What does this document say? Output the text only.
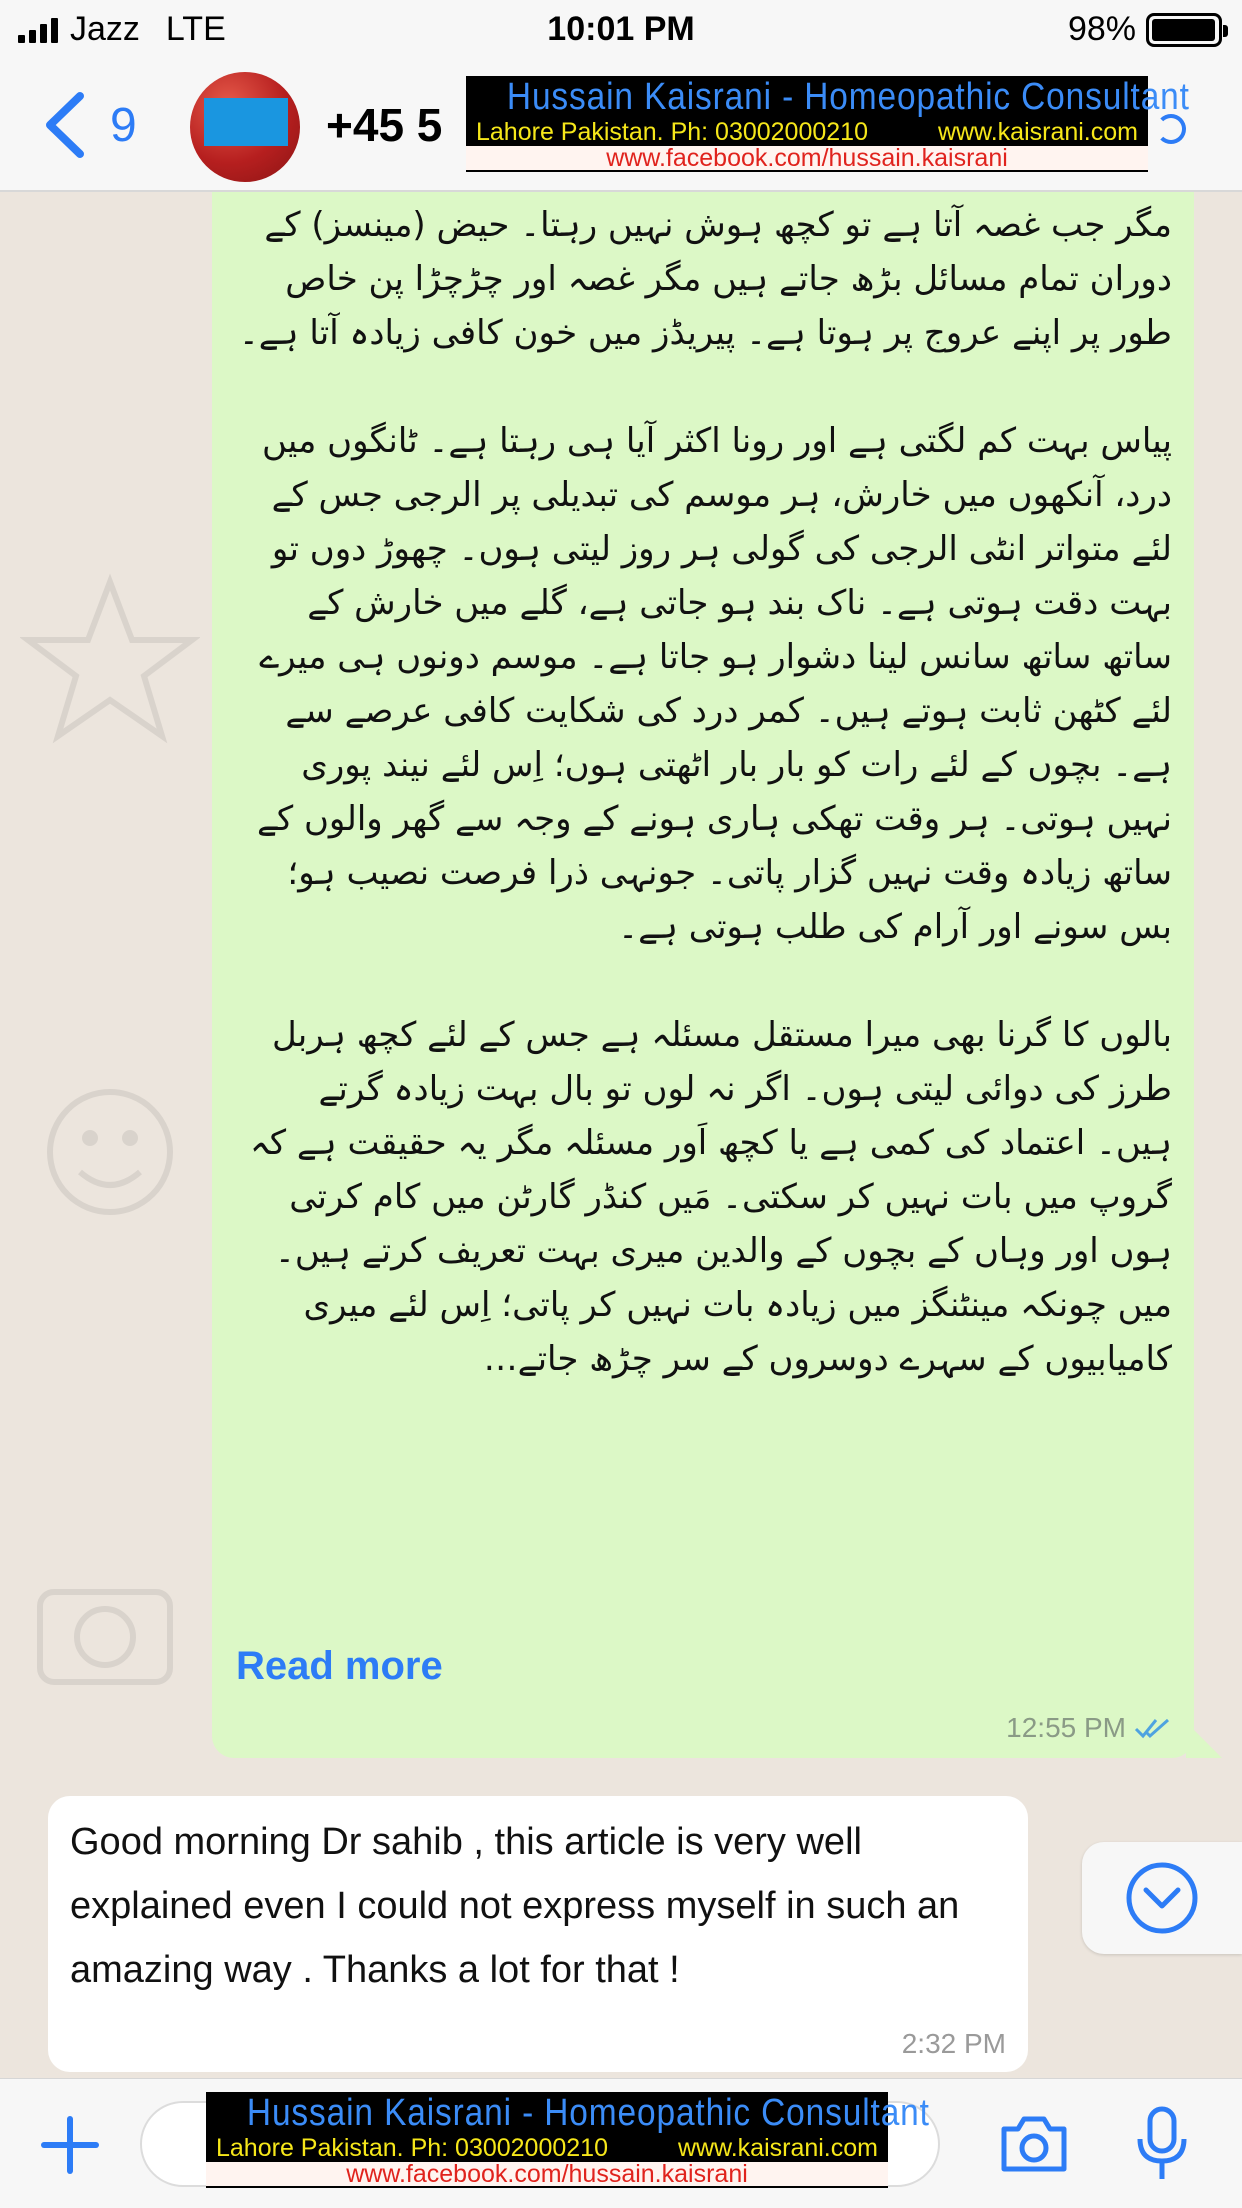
Jazz LTE	10:01 PM	98%
9	+45 5
Hussain Kaisrani - Homeopathic Consultant
Lahore Pakistan. Ph: 03002000210	www.kaisrani.com
www.facebook.com/hussain.kaisrani

مگر جب غصہ آتا ہے تو کچھ ہوش نہیں رہتا۔ حیض (مینسز) کے دوران تمام مسائل بڑھ جاتے ہیں مگر غصہ اور چڑچڑا پن خاص طور پر اپنے عروج پر ہوتا ہے۔ پیریڈز میں خون کافی زیادہ آتا ہے۔

پیاس بہت کم لگتی ہے اور رونا اکثر آیا ہی رہتا ہے۔ ٹانگوں میں درد، آنکھوں میں خارش، ہر موسم کی تبدیلی پر الرجی جس کے لئے متواتر انٹی الرجی کی گولی ہر روز لیتی ہوں۔ چھوڑ دوں تو بہت دقت ہوتی ہے۔ ناک بند ہو جاتی ہے، گلے میں خارش کے ساتھ ساتھ سانس لینا دشوار ہو جاتا ہے۔ موسم دونوں ہی میرے لئے کٹھن ثابت ہوتے ہیں۔ کمر درد کی شکایت کافی عرصے سے ہے۔ بچوں کے لئے رات کو بار بار اٹھتی ہوں؛ اِس لئے نیند پوری نہیں ہوتی۔ ہر وقت تھکی ہاری ہونے کے وجہ سے گھر والوں کے ساتھ زیادہ وقت نہیں گزار پاتی۔ جونہی ذرا فرصت نصیب ہو؛ بس سونے اور آرام کی طلب ہوتی ہے۔

بالوں کا گرنا بھی میرا مستقل مسئلہ ہے جس کے لئے کچھ ہربل طرز کی دوائی لیتی ہوں۔ اگر نہ لوں تو بال بہت زیادہ گرتے ہیں۔ اعتماد کی کمی ہے یا کچھ اَور مسئلہ مگر یہ حقیقت ہے کہ گروپ میں بات نہیں کر سکتی۔ مَیں کنڈر گارٹن میں کام کرتی ہوں اور وہاں کے بچوں کے والدین میری بہت تعریف کرتے ہیں۔ میں چونکہ مینٹنگز میں زیادہ بات نہیں کر پاتی؛ اِس لئے میری کامیابیوں کے سہرے دوسروں کے سر چڑھ جاتے…

Read more
12:55 PM
Good morning Dr sahib , this article is very well explained even I could not express myself in such an amazing way . Thanks a lot for that !
2:32 PM
Hussain Kaisrani - Homeopathic Consultant
Lahore Pakistan. Ph: 03002000210	www.kaisrani.com
www.facebook.com/hussain.kaisrani
